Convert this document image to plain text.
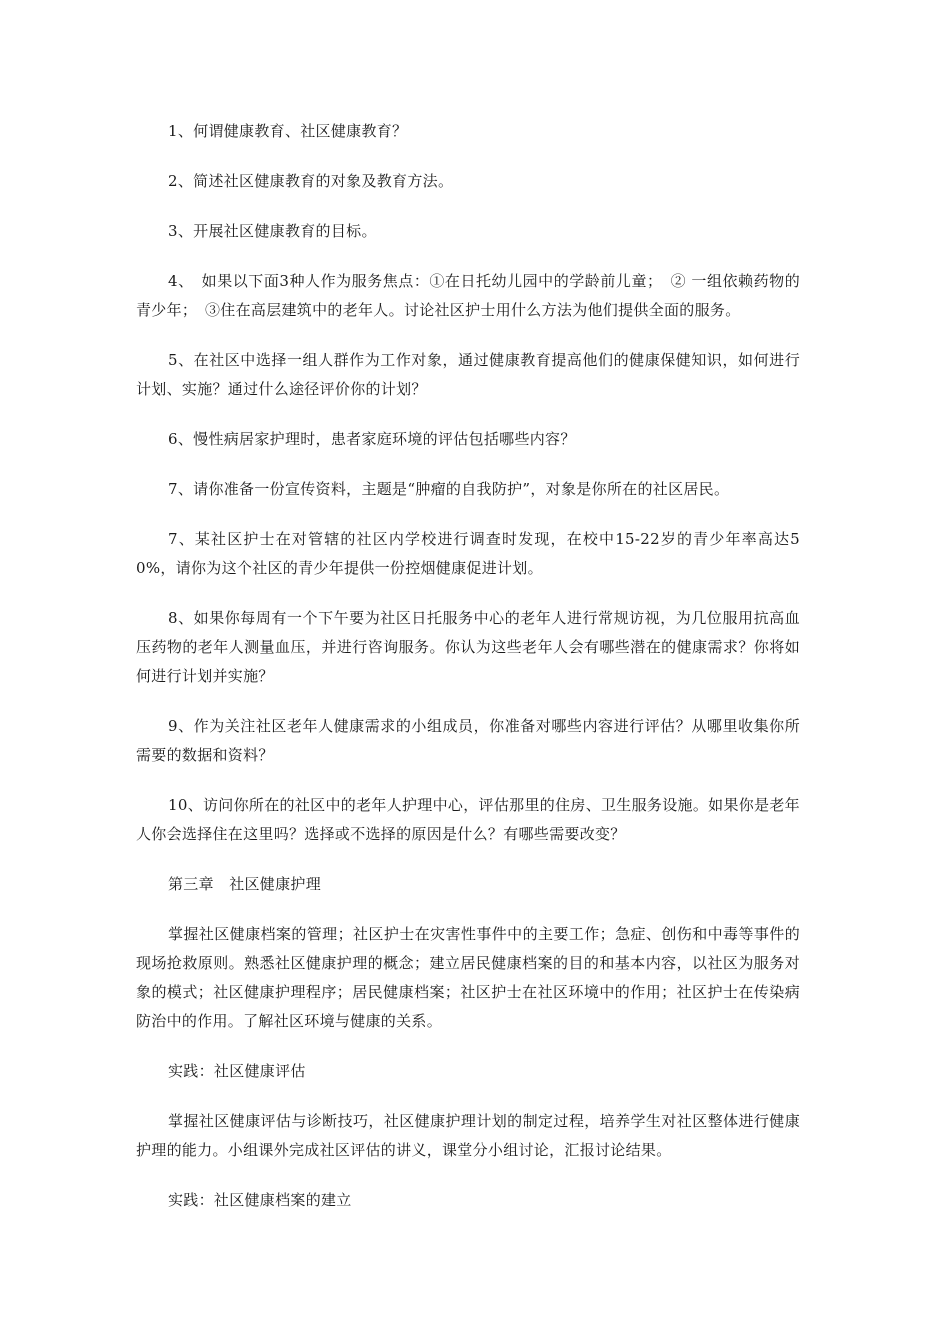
1、何谓健康教育、社区健康教育？

2、简述社区健康教育的对象及教育方法。

3、开展社区健康教育的目标。

4、　如果以下面3种人作为服务焦点：①在日托幼儿园中的学龄前儿童；　② 一组依赖药物的青少年；　③住在高层建筑中的老年人。讨论社区护士用什么方法为他们提供全面的服务。

5、在社区中选择一组人群作为工作对象，通过健康教育提高他们的健康保健知识，如何进行计划、实施？通过什么途径评价你的计划？

6、慢性病居家护理时，患者家庭环境的评估包括哪些内容？

7、请你准备一份宣传资料，主题是“肿瘤的自我防护”，对象是你所在的社区居民。

7、某社区护士在对管辖的社区内学校进行调查时发现，在校中15-22岁的青少年率高达50%，请你为这个社区的青少年提供一份控烟健康促进计划。

8、如果你每周有一个下午要为社区日托服务中心的老年人进行常规访视，为几位服用抗高血压药物的老年人测量血压，并进行咨询服务。你认为这些老年人会有哪些潜在的健康需求？你将如何进行计划并实施？

9、作为关注社区老年人健康需求的小组成员，你准备对哪些内容进行评估？从哪里收集你所需要的数据和资料？

10、访问你所在的社区中的老年人护理中心，评估那里的住房、卫生服务设施。如果你是老年人你会选择住在这里吗？选择或不选择的原因是什么？有哪些需要改变？

第三章　社区健康护理

掌握社区健康档案的管理；社区护士在灾害性事件中的主要工作；急症、创伤和中毒等事件的现场抢救原则。熟悉社区健康护理的概念；建立居民健康档案的目的和基本内容，以社区为服务对象的模式；社区健康护理程序；居民健康档案；社区护士在社区环境中的作用；社区护士在传染病防治中的作用。了解社区环境与健康的关系。

实践：社区健康评估

掌握社区健康评估与诊断技巧，社区健康护理计划的制定过程，培养学生对社区整体进行健康护理的能力。小组课外完成社区评估的讲义，课堂分小组讨论，汇报讨论结果。

实践：社区健康档案的建立
